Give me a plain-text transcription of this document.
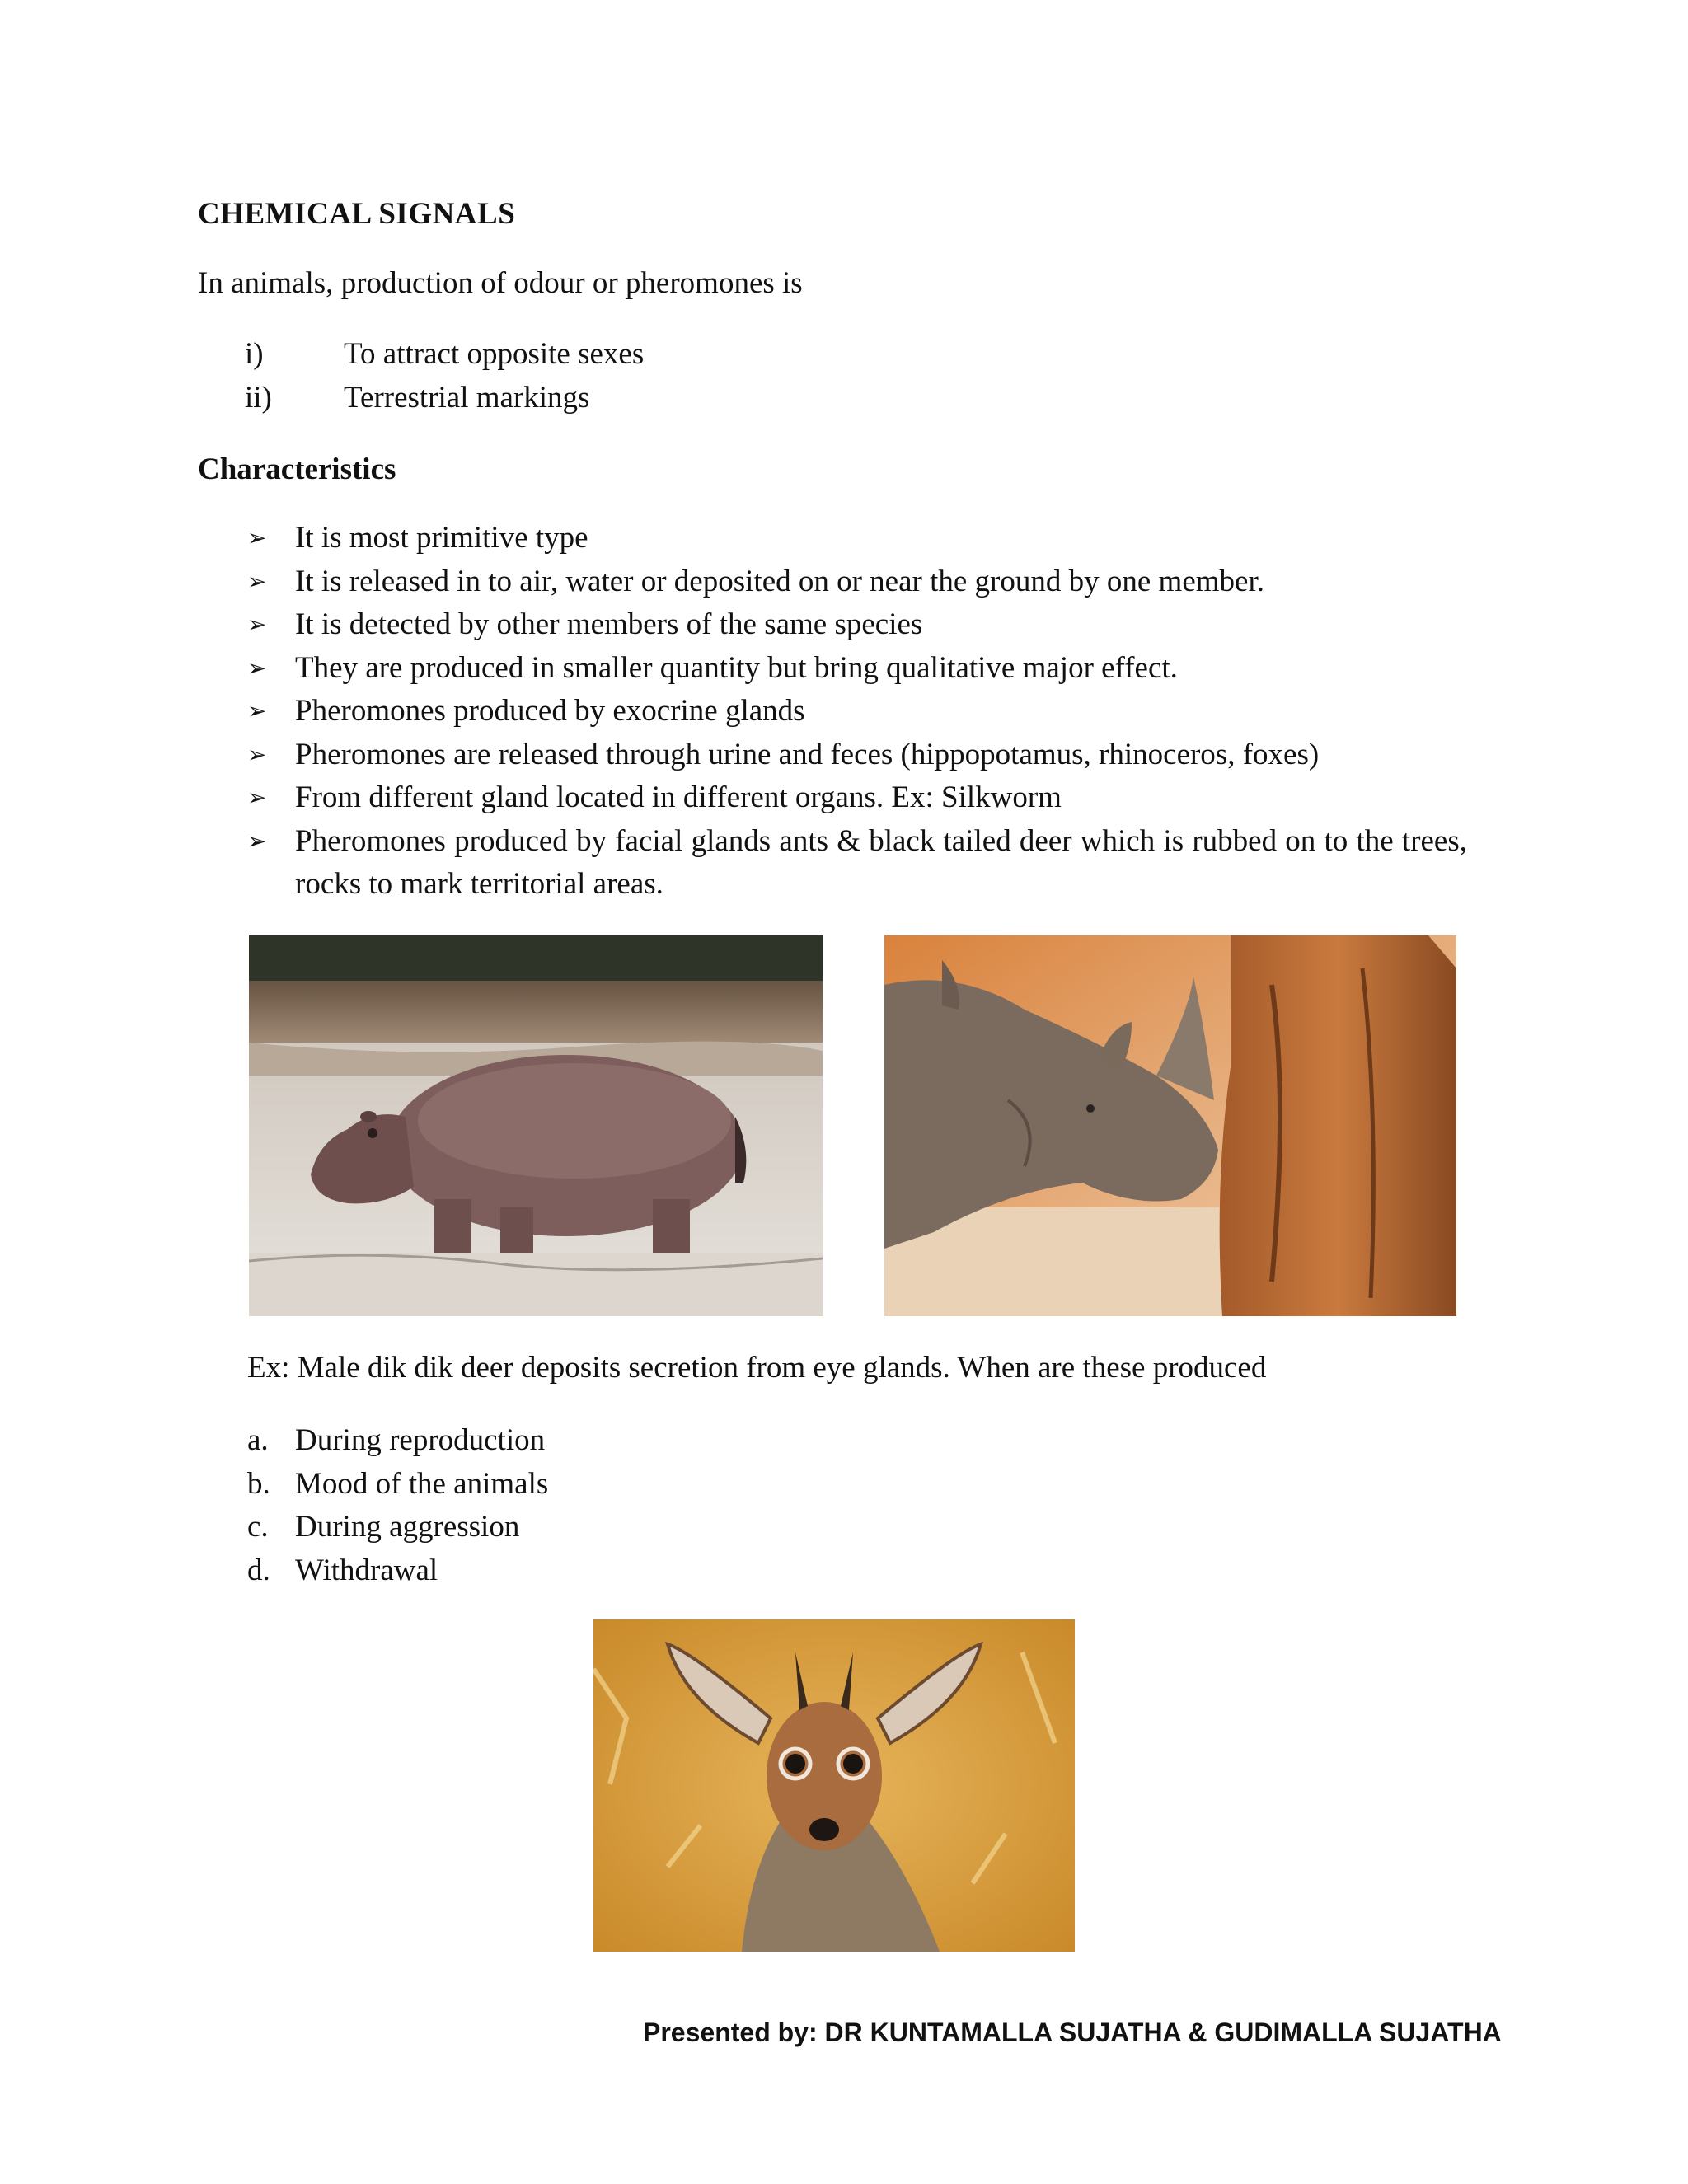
CHEMICAL SIGNALS
In animals, production of odour or pheromones is
i)	To attract opposite sexes
ii) Terrestrial markings
Characteristics
➢ It is most primitive type
➢ It is released in to air, water or deposited on or near the ground by one member.
➢ It is detected by other members of the same species
➢ They are produced in smaller quantity but bring qualitative major effect.
➢ Pheromones produced by exocrine glands
➢ Pheromones are released through urine and feces (hippopotamus, rhinoceros, foxes)
➢ From different gland located in different organs. Ex: Silkworm
➢ Pheromones produced by facial glands ants & black tailed deer which is rubbed on to the trees, rocks to mark territorial areas.
Ex: Male dik dik deer deposits secretion from eye glands. When are these produced
a. During reproduction
b. Mood of the animals
c. During aggression
d. Withdrawal
Presented by: DR KUNTAMALLA SUJATHA & GUDIMALLA SUJATHA
